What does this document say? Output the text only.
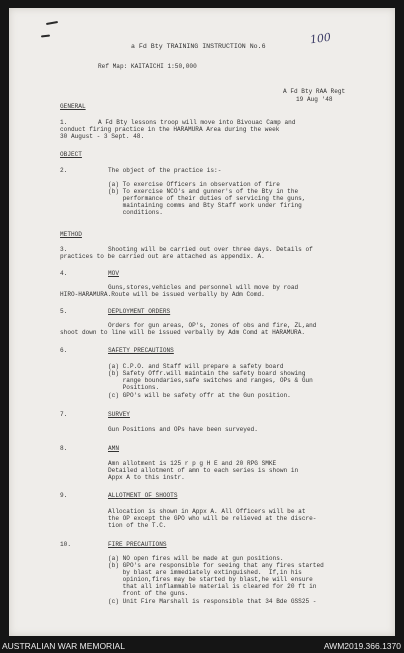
a Fd Bty TRAINING INSTRUCTION No.6
100
Ref Map: KAITAICHI 1:50,000
A Fd Bty RAA Regt
19 Aug '48
GENERAL
1.	A Fd Bty lessons troop will move into Bivouac Camp and
conduct firing practice in the HARAMURA Area during the week
30 August - 3 Sept. 48.
OBJECT
2.	The object of the practice is:-
(a) To exercise Officers in observation of fire
(b) To exercise NCO's and gunner's of the Bty in the
performance of their duties of servicing the guns,
maintaining comms and Bty Staff work under firing
conditions.
METHOD
3.	Shooting will be carried out over three days. Details of
practices to be carried out are attached as appendix. A.
4.	MOV
Guns,stores,vehicles and personnel will move by road
HIRO-HARAMURA.Route will be issued verbally by Adm Comd.
5.	DEPLOYMENT ORDERS
Orders for gun areas, OP's, zones of obs and fire, ZL,and
shoot down to line will be issued verbally by Adm Comd at HARAMURA.
6.	SAFETY PRECAUTIONS
(a) C.P.O. and Staff will prepare a safety board
(b) Safety Offr.will maintain the safety board showing
range boundaries,safe switches and ranges, OPs & Gun
Positions.
(c) GPO's will be safety offr at the Gun position.
7.	SURVEY
Gun Positions and OPs have been surveyed.
8.	AMN
Amn allotment is 125 r p g H E and 20 RPG SMKE
Detailed allotment of amn to each series is shown in
Appx A to this instr.
9.	ALLOTMENT OF SHOOTS
Allocation is shown in Appx A. All Officers will be at
the OP except the GPO who will be relieved at the discre-
tion of the T.C.
10.	FIRE PRECAUTIONS
(a) NO open fires will be made at gun positions.
(b) GPO's are responsible for seeing that any fires started
by blast are immediately extinguished.  If,in his
opinion,fires may be started by blast,he will ensure
that all inflammable material is cleared for 20 ft in
front of the guns.
(c) Unit Fire Marshall is responsible that 34 Bde GSS25 -
AUSTRALIAN WAR MEMORIAL	AWM2019.366.1370
